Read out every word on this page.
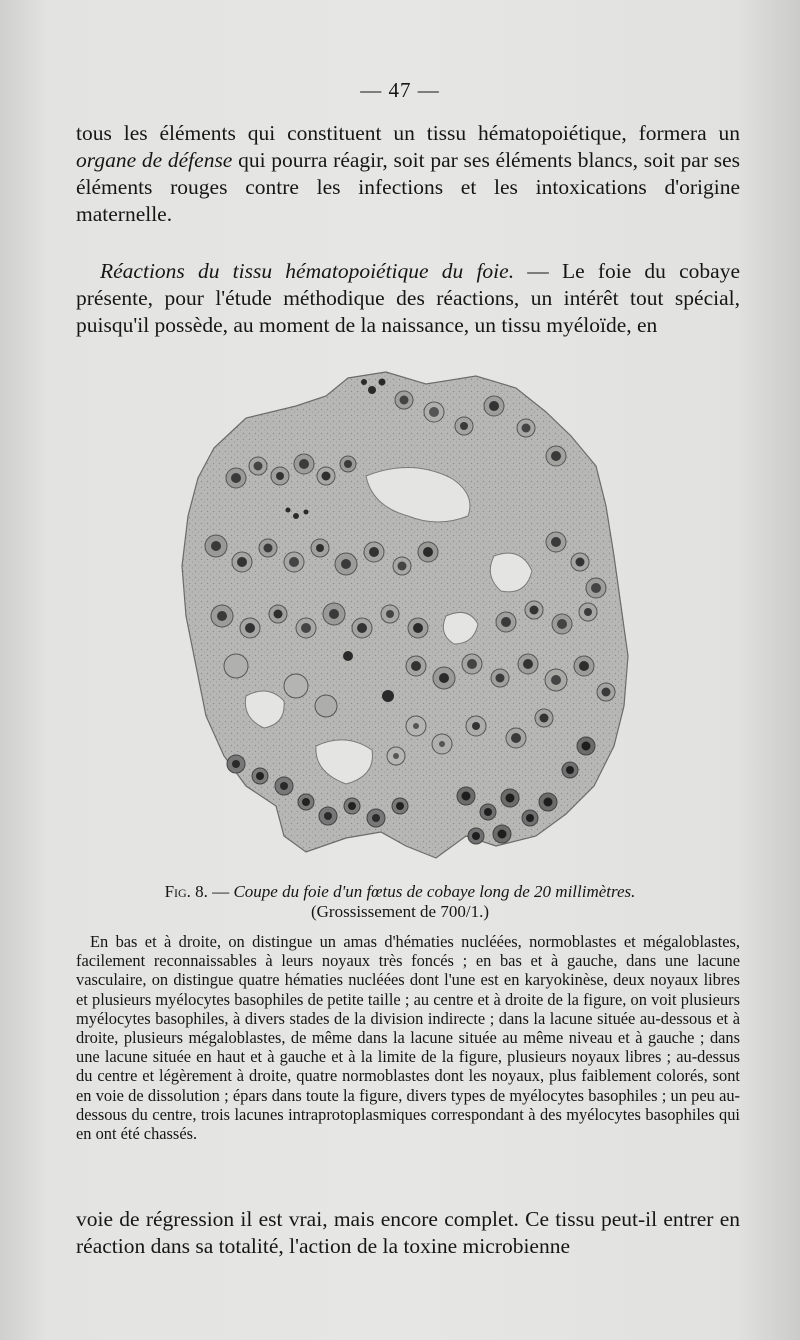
— 47 —

tous les éléments qui constituent un tissu hématopoiétique, formera un organe de défense qui pourra réagir, soit par ses éléments blancs, soit par ses éléments rouges contre les infections et les intoxications d'origine maternelle.

Réactions du tissu hématopoiétique du foie. — Le foie du cobaye présente, pour l'étude méthodique des réactions, un intérêt tout spécial, puisqu'il possède, au moment de la naissance, un tissu myéloïde, en

Fig. 8. — Coupe du foie d'un fœtus de cobaye long de 20 millimètres.
(Grossissement de 700/1.)

En bas et à droite, on distingue un amas d'hématies nucléées, normoblastes et mégaloblastes, facilement reconnaissables à leurs noyaux très foncés ; en bas et à gauche, dans une lacune vasculaire, on distingue quatre hématies nucléées dont l'une est en karyokinèse, deux noyaux libres et plusieurs myélocytes basophiles de petite taille ; au centre et à droite de la figure, on voit plusieurs myélocytes basophiles, à divers stades de la division indirecte ; dans la lacune située au-dessous et à droite, plusieurs mégaloblastes, de même dans la lacune située au même niveau et à gauche ; dans une lacune située en haut et à gauche et à la limite de la figure, plusieurs noyaux libres ; au-dessus du centre et légèrement à droite, quatre normoblastes dont les noyaux, plus faiblement colorés, sont en voie de dissolution ; épars dans toute la figure, divers types de myélocytes basophiles ; un peu au-dessous du centre, trois lacunes intraprotoplasmiques correspondant à des myélocytes basophiles qui en ont été chassés.

voie de régression il est vrai, mais encore complet. Ce tissu peut-il entrer en réaction dans sa totalité, l'action de la toxine microbienne
